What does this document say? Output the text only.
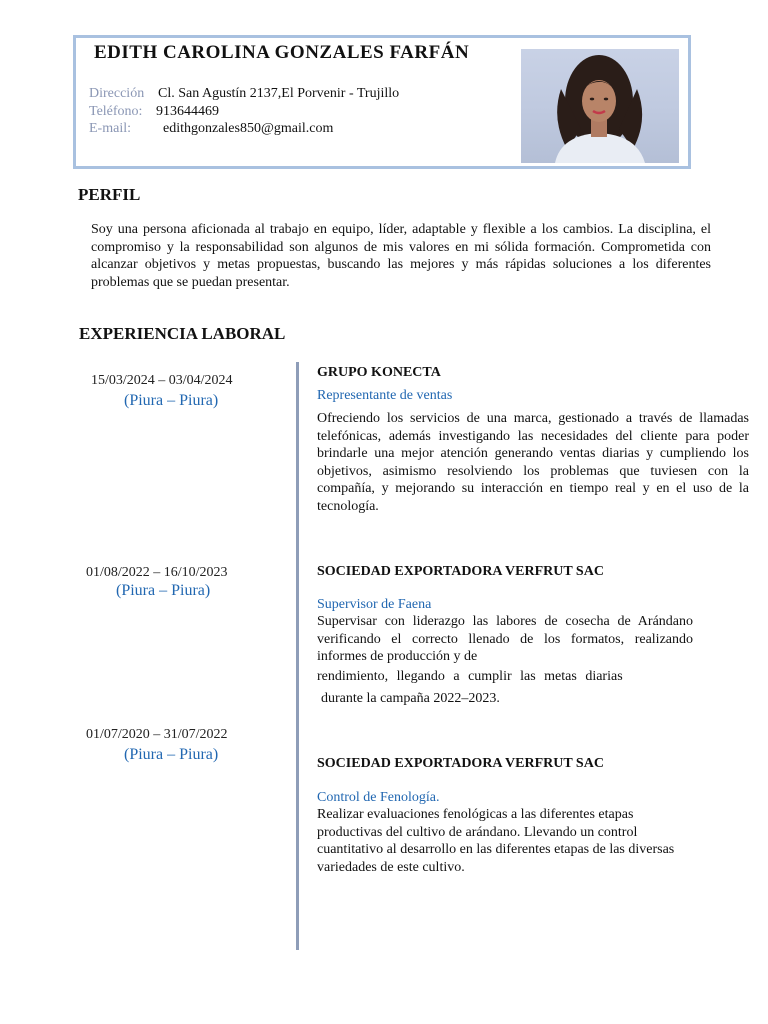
EDITH CAROLINA GONZALES FARFÁN
Dirección Cl. San Agustín 2137,El Porvenir - Trujillo
Teléfono: 913644469
E-mail: edithgonzales850@gmail.com
PERFIL

Soy una persona aficionada al trabajo en equipo, líder, adaptable y flexible a los cambios. La disciplina, el compromiso y la responsabilidad son algunos de mis valores en mi sólida formación. Comprometida con alcanzar objetivos y metas propuestas, buscando las mejores y más rápidas soluciones a los diferentes problemas que se puedan presentar.

EXPERIENCIA LABORAL
15/03/2024 – 03/04/2024
(Piura – Piura)
GRUPO KONECTA
Representante de ventas

Ofreciendo los servicios de una marca, gestionado a través de llamadas telefónicas, además investigando las necesidades del cliente para poder brindarle una mejor atención generando ventas diarias y cumpliendo los objetivos, asimismo resolviendo los problemas que tuviesen con la compañía, y mejorando su interacción en tiempo real y en el uso de la tecnología.

01/08/2022 – 16/10/2023
(Piura – Piura)
SOCIEDAD EXPORTADORA VERFRUT SAC
Supervisor de Faena

Supervisar con liderazgo las labores de cosecha de Arándano verificando el correcto llenado de los formatos, realizando informes de producción y de

rendimiento, llegando a cumplir las metas diarias

durante la campaña 2022–2023.

01/07/2020 – 31/07/2022
(Piura – Piura)
SOCIEDAD EXPORTADORA VERFRUT SAC
Control de Fenología.

Realizar evaluaciones fenológicas a las diferentes etapas productivas del cultivo de arándano. Llevando un control cuantitativo al desarrollo en las diferentes etapas de las diversas variedades de este cultivo.
